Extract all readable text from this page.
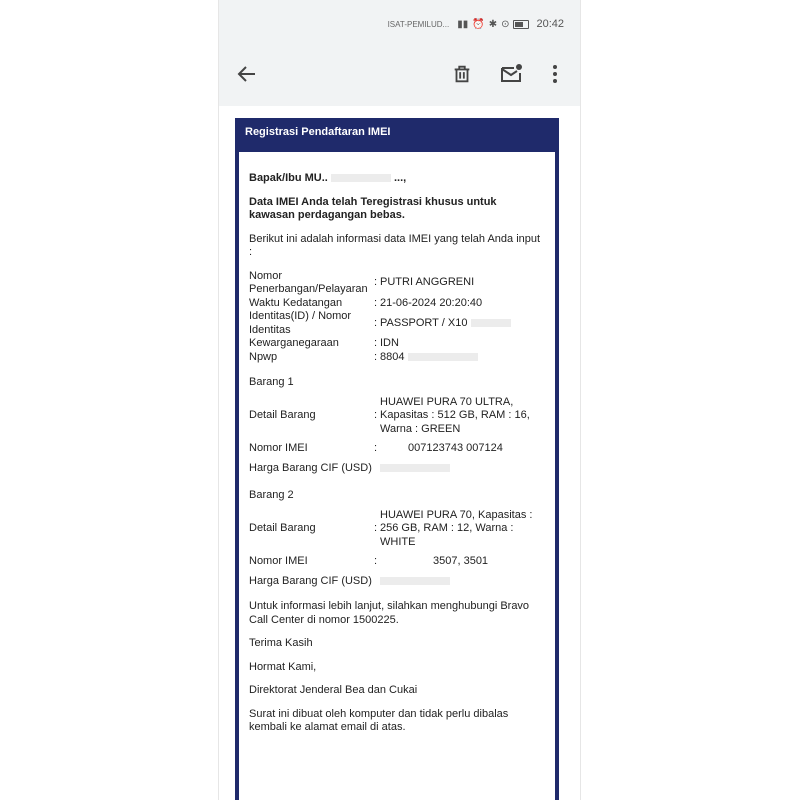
ISAT-PEMILUD... ▮▮ ⏰ ✱ ⊙ 20:42
Registrasi Pendaftaran IMEI

Bapak/Ibu MU..	...,

Data IMEI Anda telah Teregistrasi khusus untuk kawasan perdagangan bebas.

Berikut ini adalah informasi data IMEI yang telah Anda input :

Nomor Penerbangan/Pelayaran
: PUTRI ANGGRENI
Waktu Kedatangan	: 21-06-2024 20:20:40
Identitas(ID) / Nomor Identitas
: PASSPORT / X10
Kewarganegaraan	: IDN
Npwp	: 8804

Barang 1

Detail Barang	:
HUAWEI PURA 70 ULTRA, Kapasitas : 512 GB, RAM : 16, Warna : GREEN
Nomor IMEI	:	007123743 007124
Harga Barang CIF (USD)

Barang 2

Detail Barang	:
HUAWEI PURA 70, Kapasitas : 256 GB, RAM : 12, Warna : WHITE
Nomor IMEI	:	3507, 3501
Harga Barang CIF (USD)

Untuk informasi lebih lanjut, silahkan menghubungi Bravo Call Center di nomor 1500225.

Terima Kasih

Hormat Kami,

Direktorat Jenderal Bea dan Cukai

Surat ini dibuat oleh komputer dan tidak perlu dibalas kembali ke alamat email di atas.
